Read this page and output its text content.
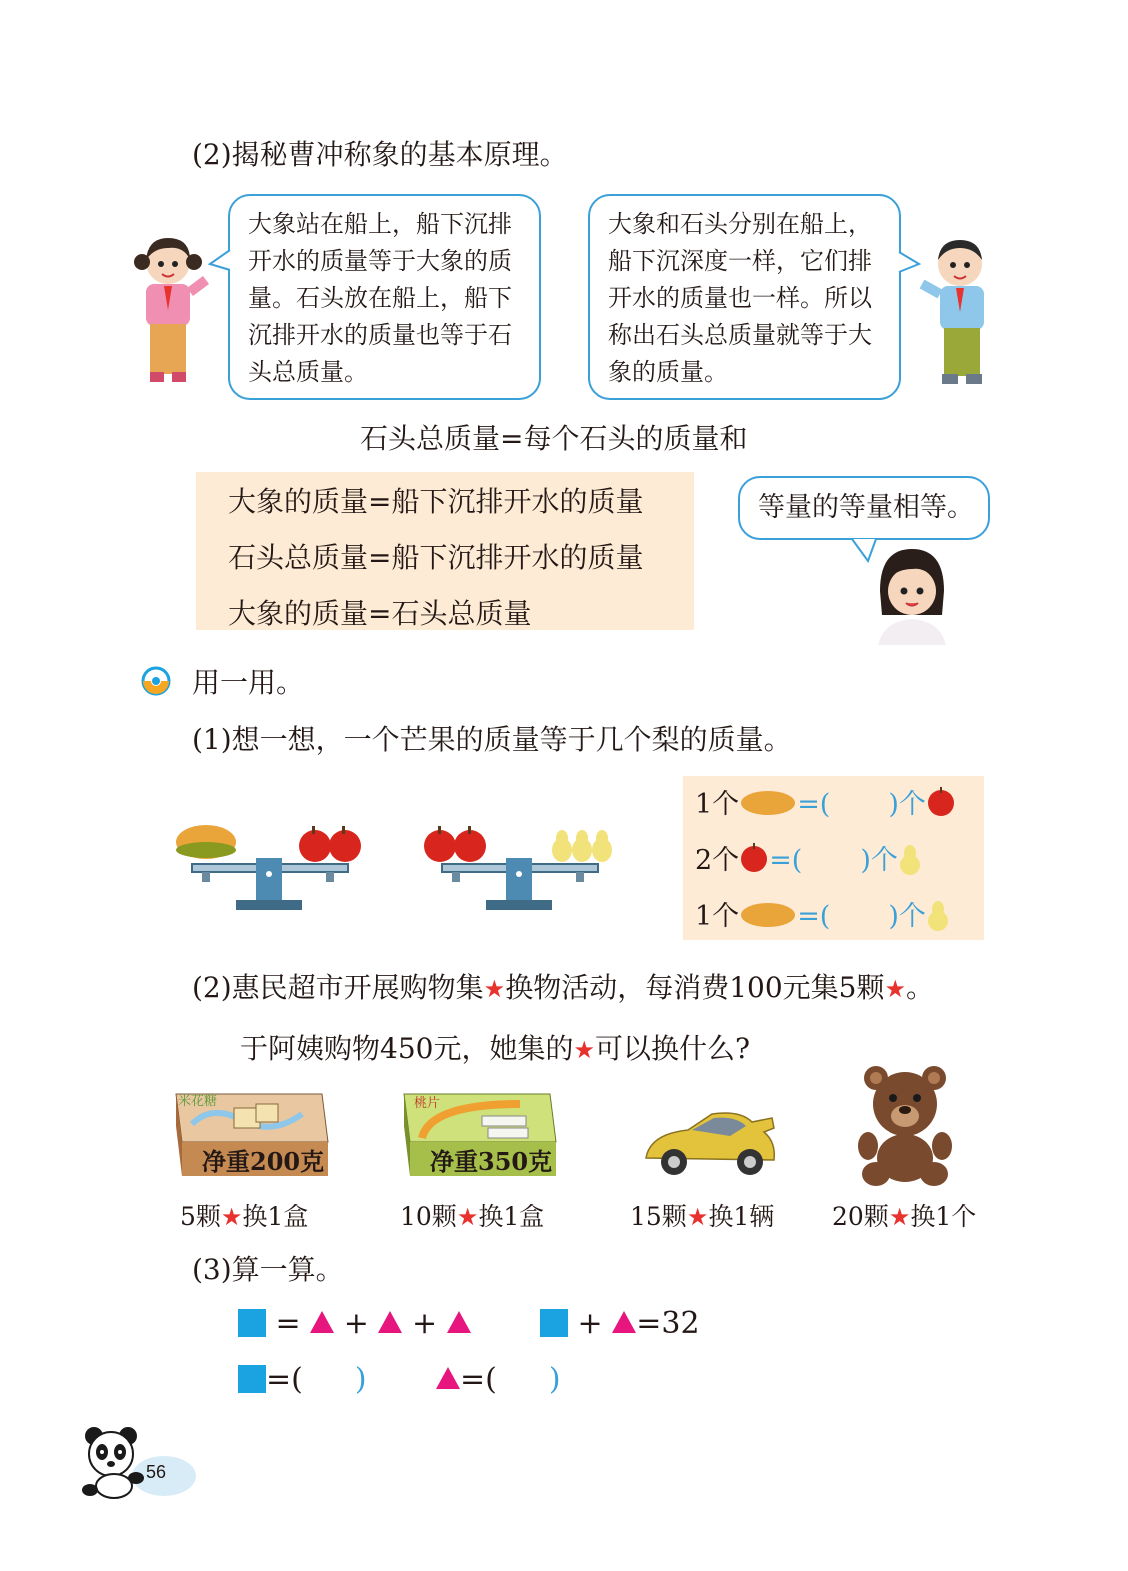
(2)揭秘曹冲称象的基本原理。
大象站在船上，船下沉排
开水的质量等于大象的质
量。石头放在船上，船下
沉排开水的质量也等于石
头总质量。
大象和石头分别在船上，
船下沉深度一样，它们排
开水的质量也一样。所以
称出石头总质量就等于大
象的质量。
石头总质量=每个石头的质量和
大象的质量=船下沉排开水的质量
石头总质量=船下沉排开水的质量
大象的质量=石头总质量
等量的等量相等。
用一用。
(1)想一想，一个芒果的质量等于几个梨的质量。
1个 =( )个
2个 =( )个
1个 =( )个
(2)惠民超市开展购物集★换物活动，每消费100元集5颗★。
于阿姨购物450元，她集的★可以换什么?
米花糖
净重200克
桃片
净重350克
5颗★换1盒	10颗★换1盒	15颗★换1辆 20颗★换1个
(3)算一算。
= + +	+ =32
=( )	=( )
56
